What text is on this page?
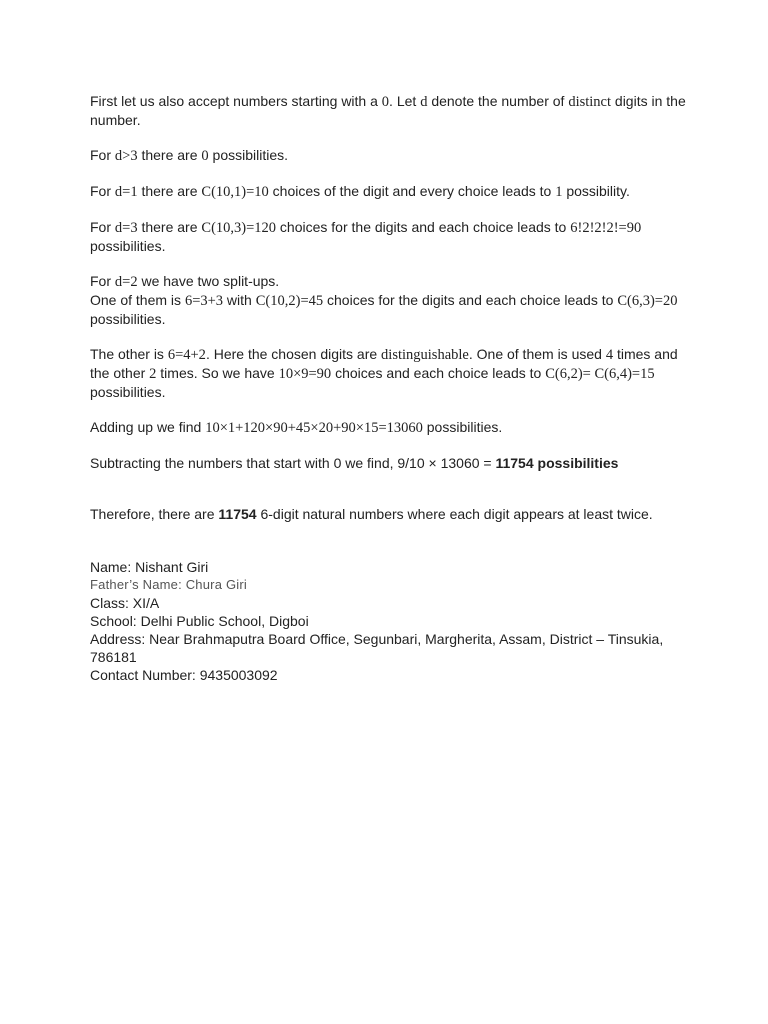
First let us also accept numbers starting with a 0. Let d denote the number of distinct digits in the number.

For d>3 there are 0 possibilities.

For d=1 there are C(10,1)=10 choices of the digit and every choice leads to 1 possibility.

For d=3 there are C(10,3)=120 choices for the digits and each choice leads to 6!2!2!2!=90 possibilities.

For d=2 we have two split-ups.
One of them is 6=3+3 with C(10,2)=45 choices for the digits and each choice leads to C(6,3)=20 possibilities.

The other is 6=4+2. Here the chosen digits are distinguishable. One of them is used 4 times and the other 2 times. So we have 10×9=90 choices and each choice leads to C(6,2)= C(6,4)=15 possibilities.

Adding up we find 10×1+120×90+45×20+90×15=13060 possibilities.

Subtracting the numbers that start with 0 we find, 9/10 × 13060 = 11754 possibilities

Therefore, there are 11754 6-digit natural numbers where each digit appears at least twice.

Name: Nishant Giri
Father’s Name: Chura Giri
Class: XI/A
School: Delhi Public School, Digboi
Address: Near Brahmaputra Board Office, Segunbari, Margherita, Assam, District – Tinsukia, 786181
Contact Number: 9435003092
